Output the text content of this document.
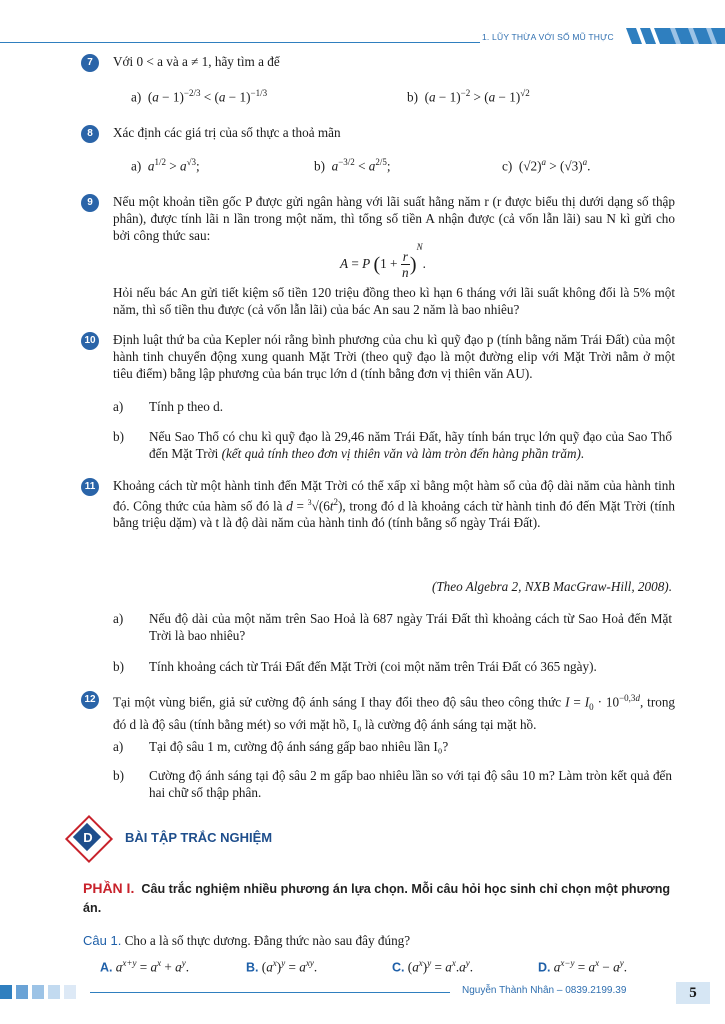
1. LŨY THỪA VỚI SỐ MŨ THỰC
7	Với 0 < a và a ≠ 1, hãy tìm a để
a)  $(a - 1)^{-2/3} < (a - 1)^{-1/3}$	b)  $(a - 1)^{-2} > (a - 1)^{√2}$
8	Xác định các giá trị của số thực a thoả mãn
a) $a^{1/2} > a^{√3}$;	b) $a^{-3/2} < a^{2/5}$;	c)  $(√2)^a > (√3)^a$.
9	Nếu một khoản tiền gốc P được gửi ngân hàng với lãi suất hằng năm r (r được biểu thị dưới dạng số thập phân), được tính lãi n lần trong một năm, thì tổng số tiền A nhận được (cả vốn lẫn lãi) sau N kì gửi cho bởi công thức sau:
A = P $(1 + \frac{r}{n})^N$.
Hỏi nếu bác An gửi tiết kiệm số tiền 120 triệu đồng theo kì hạn 6 tháng với lãi suất không đổi là 5% một năm, thì số tiền thu được (cả vốn lẫn lãi) của bác An sau 2 năm là bao nhiêu?
10 Định luật thứ ba của Kepler nói rằng bình phương của chu kì quỹ đạo p (tính bằng năm Trái Đất) của một hành tinh chuyển động xung quanh Mặt Trời (theo quỹ đạo là một đường elip với Mặt Trời nằm ở một tiêu điểm) bằng lập phương của bán trục lớn d (tính bằng đơn vị thiên văn AU).
a) Tính p theo d.
b) Nếu Sao Thổ có chu kì quỹ đạo là 29,46 năm Trái Đất, hãy tính bán trục lớn quỹ đạo của Sao Thổ đến Mặt Trời (kết quả tính theo đơn vị thiên văn và làm tròn đến hàng phần trăm).
11 Khoảng cách từ một hành tinh đến Mặt Trời có thể xấp xỉ bằng một hàm số của độ dài năm của hành tinh đó. Công thức của hàm số đó là $d = ^3√(6t^2)$, trong đó d là khoảng cách từ hành tinh đó đến Mặt Trời (tính bằng triệu dặm) và t là độ dài năm của hành tinh đó (tính bằng số ngày Trái Đất).
(Theo Algebra 2, NXB MacGraw-Hill, 2008).
a) Nếu độ dài của một năm trên Sao Hoả là 687 ngày Trái Đất thì khoảng cách từ Sao Hoả đến Mặt Trời là bao nhiêu?
b) Tính khoảng cách từ Trái Đất đến Mặt Trời (coi một năm trên Trái Đất có 365 ngày).
12 Tại một vùng biển, giả sử cường độ ánh sáng I thay đổi theo độ sâu theo công thức $I = I_0 \cdot 10^{-0,3d}$, trong đó d là độ sâu (tính bằng mét) so với mặt hồ, I₀ là cường độ ánh sáng tại mặt hồ.
a) Tại độ sâu 1 m, cường độ ánh sáng gấp bao nhiêu lần I₀?
b) Cường độ ánh sáng tại độ sâu 2 m gấp bao nhiêu lần so với tại độ sâu 10 m? Làm tròn kết quả đến hai chữ số thập phân.
D	BÀI TẬP TRẮC NGHIỆM
PHẦN I. Câu trắc nghiệm nhiều phương án lựa chọn. Mỗi câu hỏi học sinh chỉ chọn một phương án.
Câu 1. Cho a là số thực dương. Đẳng thức nào sau đây đúng?
A. $a^{x+y} = a^x + a^y$.	B. $(a^x)^y = a^{xy}$.	C. $(a^x)^y = a^x.a^y$.	D. $a^{x-y} = a^x - a^y$.
Nguyễn Thành Nhân – 0839.2199.39	5
